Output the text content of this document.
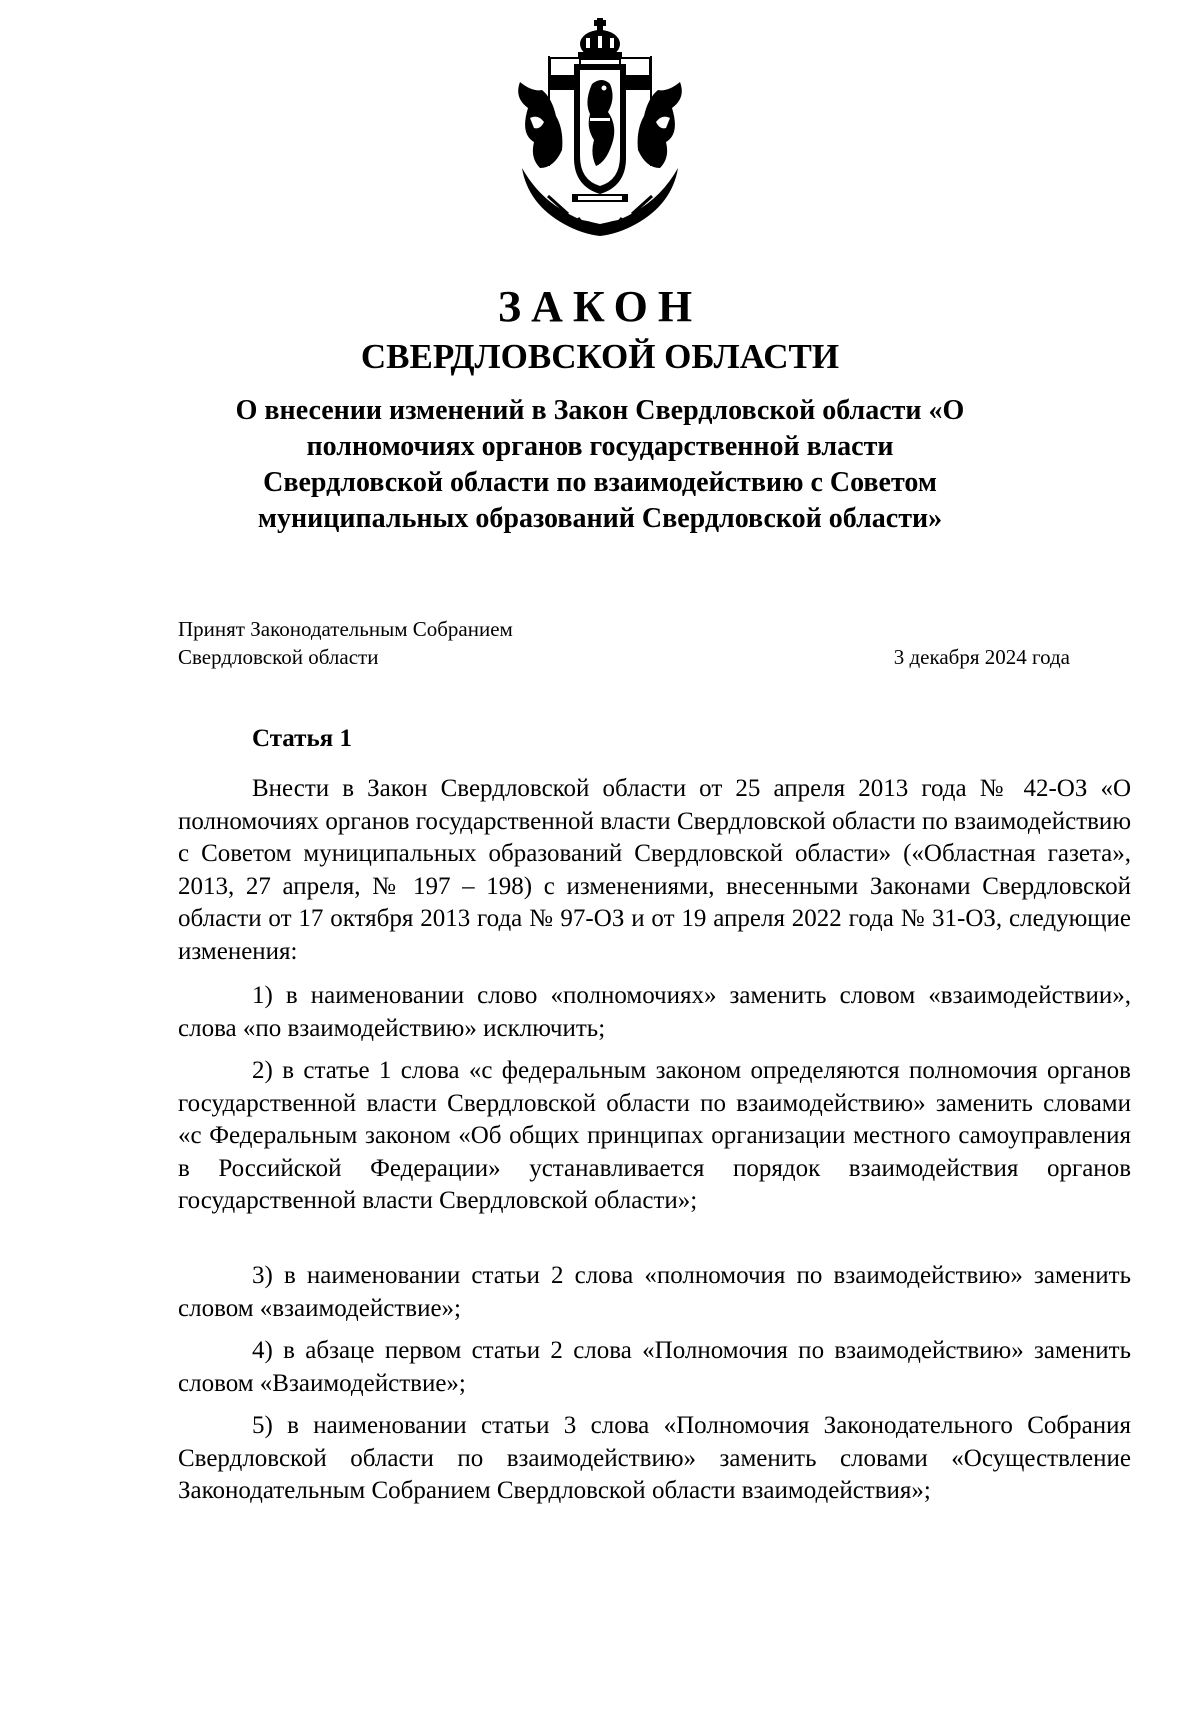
ЗАКОН
СВЕРДЛОВСКОЙ ОБЛАСТИ
О внесении изменений в Закон Свердловской области «О полномочиях органов государственной власти Свердловской области по взаимодействию с Советом муниципальных образований Свердловской области»
Принят Законодательным Собранием
Свердловской области	3 декабря 2024 года
Статья 1
Внести в Закон Свердловской области от 25 апреля 2013 года № 42-ОЗ «О полномочиях органов государственной власти Свердловской области по взаимодействию с Советом муниципальных образований Свердловской области» («Областная газета», 2013, 27 апреля, № 197 – 198) с изменениями, внесенными Законами Свердловской области от 17 октября 2013 года № 97-ОЗ и от 19 апреля 2022 года № 31-ОЗ, следующие изменения:
1) в наименовании слово «полномочиях» заменить словом «взаимодействии», слова «по взаимодействию» исключить;
2) в статье 1 слова «с федеральным законом определяются полномочия органов государственной власти Свердловской области по взаимодействию» заменить словами «с Федеральным законом «Об общих принципах организации местного самоуправления в Российской Федерации» устанавливается порядок взаимодействия органов государственной власти Свердловской области»;
3) в наименовании статьи 2 слова «полномочия по взаимодействию» заменить словом «взаимодействие»;
4) в абзаце первом статьи 2 слова «Полномочия по взаимодействию» заменить словом «Взаимодействие»;
5) в наименовании статьи 3 слова «Полномочия Законодательного Собрания Свердловской области по взаимодействию» заменить словами «Осуществление Законодательным Собранием Свердловской области взаимодействия»;
